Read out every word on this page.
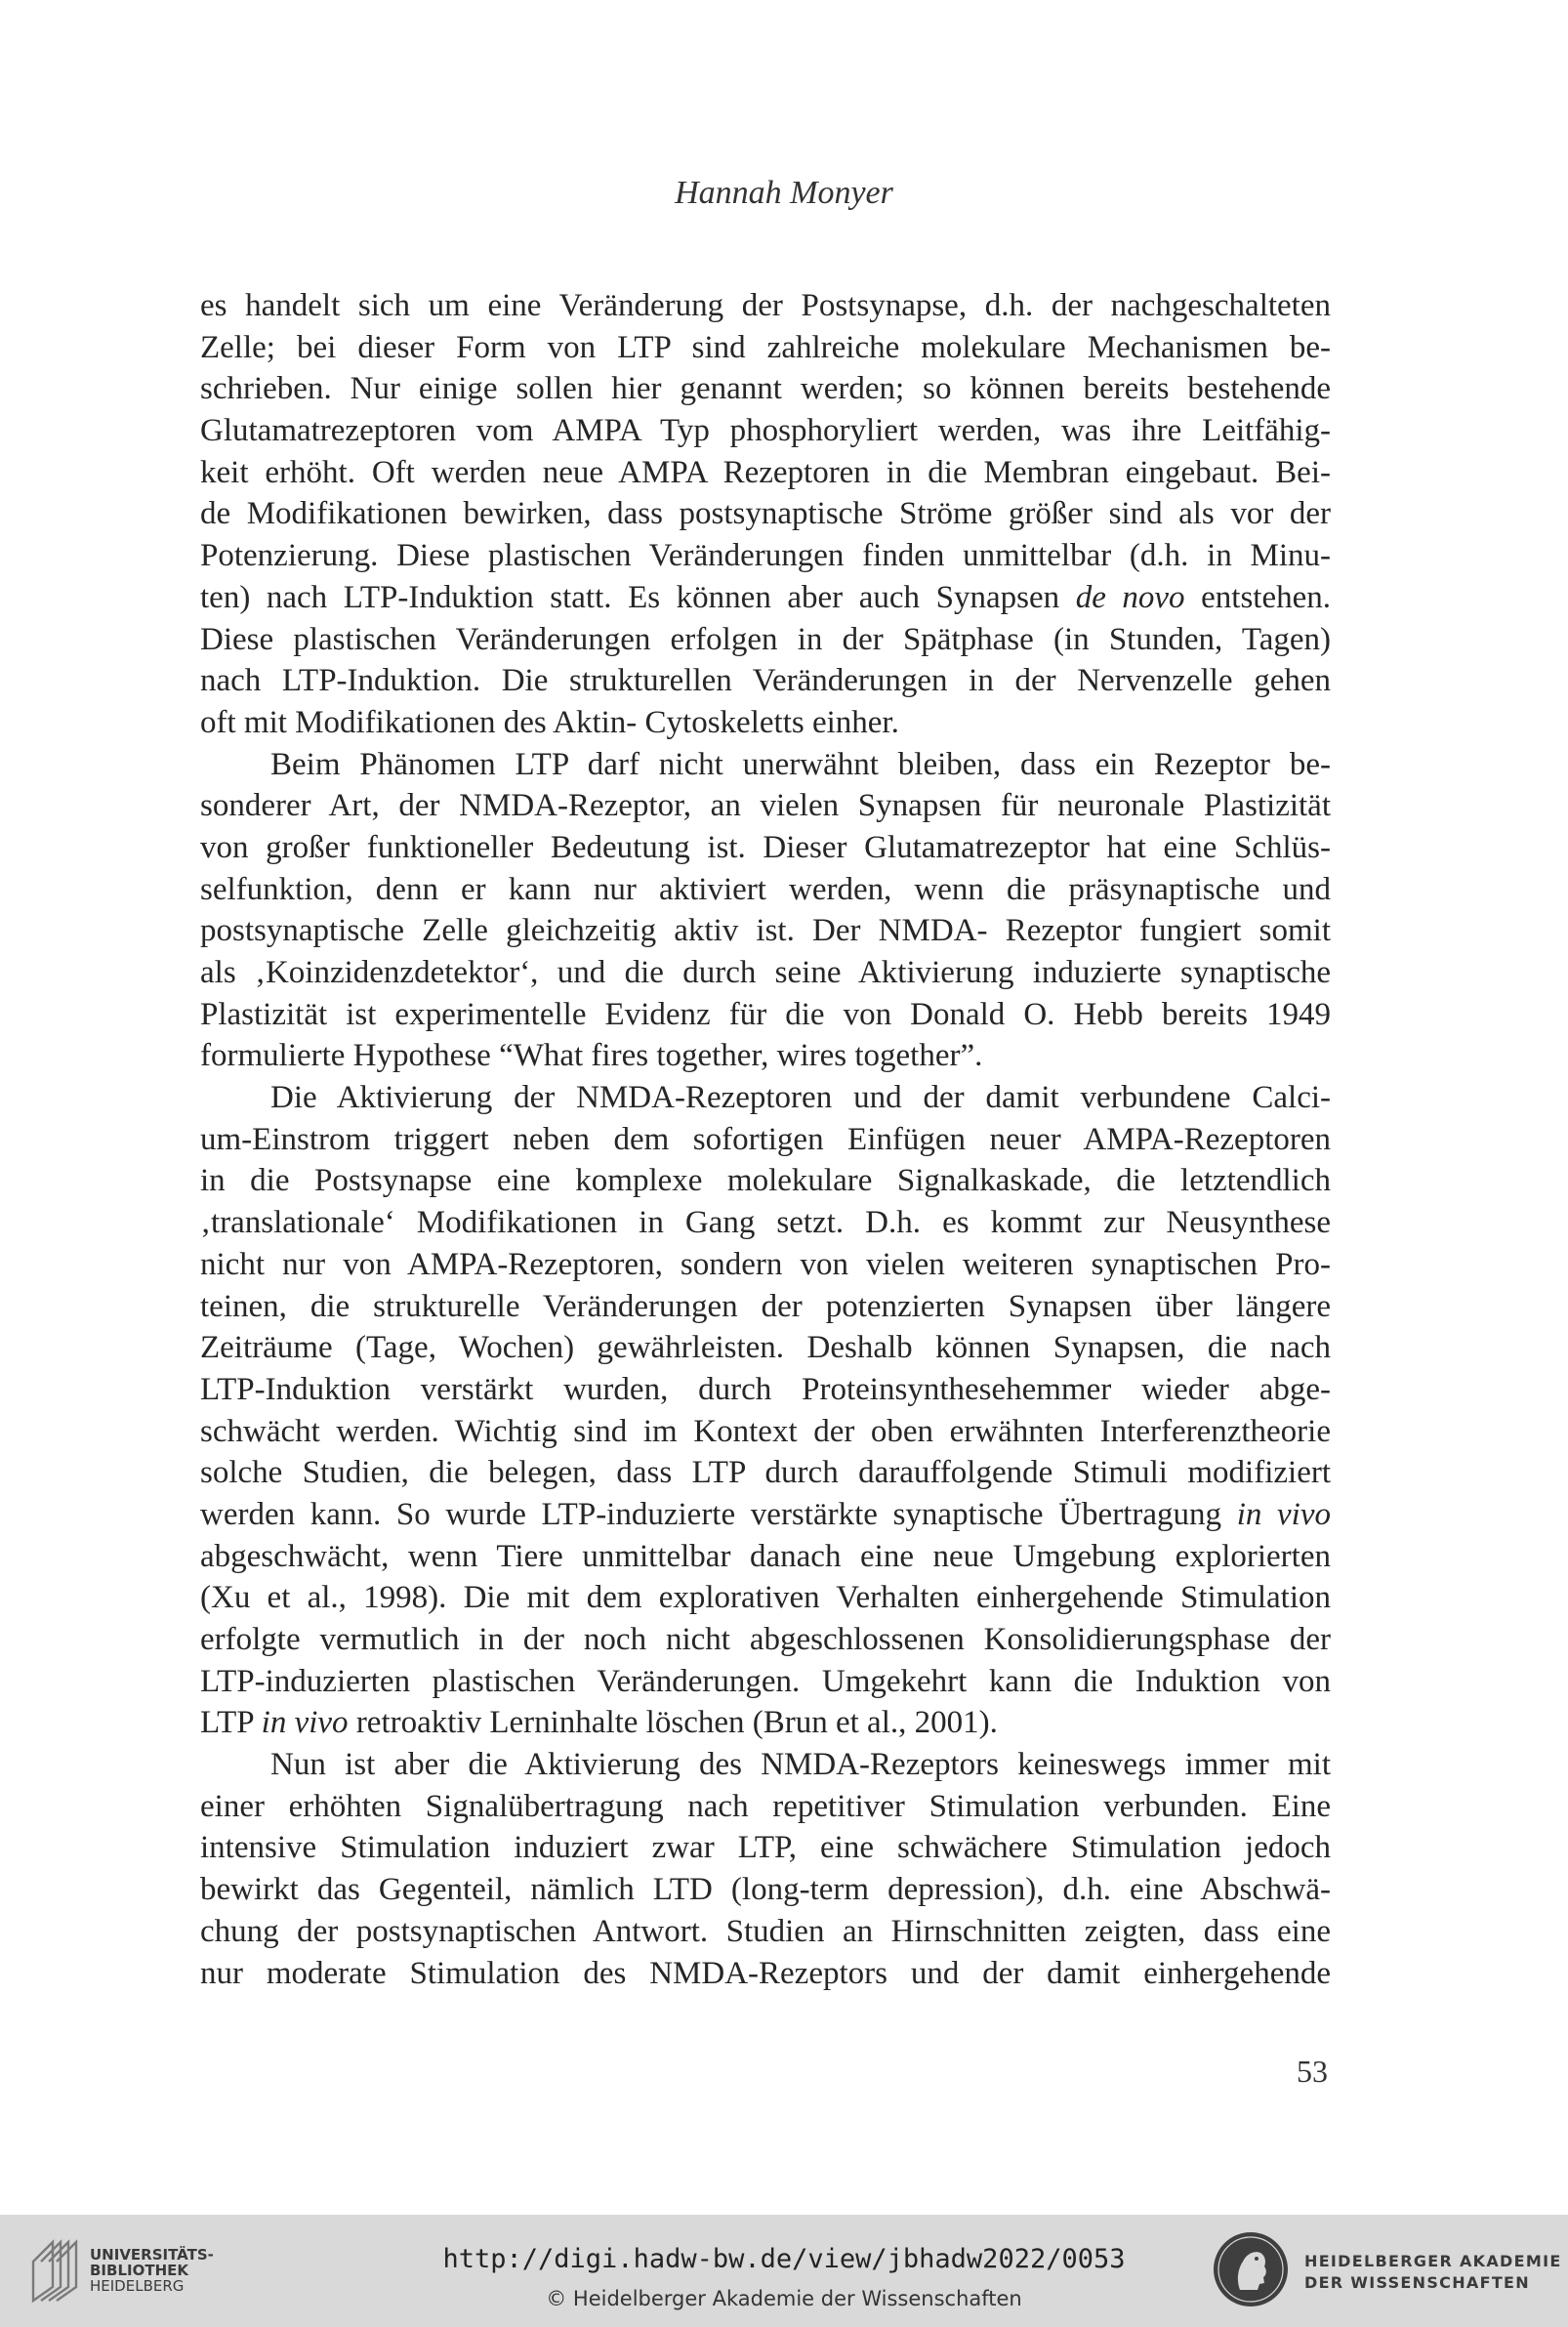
Hannah Monyer
es handelt sich um eine Veränderung der Postsynapse, d.h. der nachgeschalteten
Zelle; bei dieser Form von LTP sind zahlreiche molekulare Mechanismen be-
schrieben. Nur einige sollen hier genannt werden; so können bereits bestehende
Glutamatrezeptoren vom AMPA Typ phosphoryliert werden, was ihre Leitfähig-
keit erhöht. Oft werden neue AMPA Rezeptoren in die Membran eingebaut. Bei-
de Modifikationen bewirken, dass postsynaptische Ströme größer sind als vor der
Potenzierung. Diese plastischen Veränderungen finden unmittelbar (d.h. in Minu-
ten) nach LTP-Induktion statt. Es können aber auch Synapsen de novo entstehen.
Diese plastischen Veränderungen erfolgen in der Spätphase (in Stunden, Tagen)
nach LTP-Induktion. Die strukturellen Veränderungen in der Nervenzelle gehen
oft mit Modifikationen des Aktin- Cytoskeletts einher.
Beim Phänomen LTP darf nicht unerwähnt bleiben, dass ein Rezeptor be-
sonderer Art, der NMDA-Rezeptor, an vielen Synapsen für neuronale Plastizität
von großer funktioneller Bedeutung ist. Dieser Glutamatrezeptor hat eine Schlüs-
selfunktion, denn er kann nur aktiviert werden, wenn die präsynaptische und
postsynaptische Zelle gleichzeitig aktiv ist. Der NMDA- Rezeptor fungiert somit
als ‚Koinzidenzdetektor‘, und die durch seine Aktivierung induzierte synaptische
Plastizität ist experimentelle Evidenz für die von Donald O. Hebb bereits 1949
formulierte Hypothese “What fires together, wires together”.
Die Aktivierung der NMDA-Rezeptoren und der damit verbundene Calci-
um-Einstrom triggert neben dem sofortigen Einfügen neuer AMPA-Rezeptoren
in die Postsynapse eine komplexe molekulare Signalkaskade, die letztendlich
‚translationale‘ Modifikationen in Gang setzt. D.h. es kommt zur Neusynthese
nicht nur von AMPA-Rezeptoren, sondern von vielen weiteren synaptischen Pro-
teinen, die strukturelle Veränderungen der potenzierten Synapsen über längere
Zeiträume (Tage, Wochen) gewährleisten. Deshalb können Synapsen, die nach
LTP-Induktion verstärkt wurden, durch Proteinsynthesehemmer wieder abge-
schwächt werden. Wichtig sind im Kontext der oben erwähnten Interferenztheorie
solche Studien, die belegen, dass LTP durch darauffolgende Stimuli modifiziert
werden kann. So wurde LTP-induzierte verstärkte synaptische Übertragung in vivo
abgeschwächt, wenn Tiere unmittelbar danach eine neue Umgebung explorierten
(Xu et al., 1998). Die mit dem explorativen Verhalten einhergehende Stimulation
erfolgte vermutlich in der noch nicht abgeschlossenen Konsolidierungsphase der
LTP-induzierten plastischen Veränderungen. Umgekehrt kann die Induktion von
LTP in vivo retroaktiv Lerninhalte löschen (Brun et al., 2001).
Nun ist aber die Aktivierung des NMDA-Rezeptors keineswegs immer mit
einer erhöhten Signalübertragung nach repetitiver Stimulation verbunden. Eine
intensive Stimulation induziert zwar LTP, eine schwächere Stimulation jedoch
bewirkt das Gegenteil, nämlich LTD (long-term depression), d.h. eine Abschwä-
chung der postsynaptischen Antwort. Studien an Hirnschnitten zeigten, dass eine
nur moderate Stimulation des NMDA-Rezeptors und der damit einhergehende
53
UNIVERSITÄTS-
BIBLIOTHEK
HEIDELBERG
http://digi.hadw-bw.de/view/jbhadw2022/0053
© Heidelberger Akademie der Wissenschaften
HEIDELBERGER AKADEMIE
DER WISSENSCHAFTEN
